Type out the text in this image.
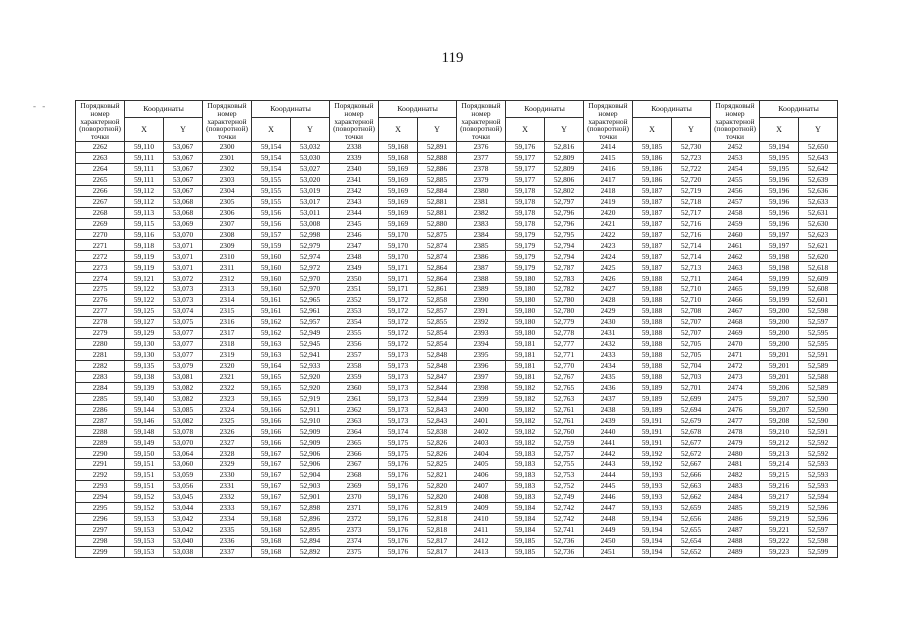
119
- -	Порядковый
номер
характерной
(поворотной)
точки	Координаты		Порядковый
номер
характерной
(поворотной)
точки	Координаты		Порядковый
номер
характерной
(поворотной)
точки	Координаты		Порядковый
номер
характерной
(поворотной)
точки	Координаты		Порядковый
номер
характерной
(поворотной)
точки	Координаты		Порядковый
номер
характерной
(поворотной)
точки	Координаты	
	X	Y		X	Y		X	Y		X	Y		X	Y		X	Y
2262	59,110	53,067	2300	59,154	53,032	2338	59,168	52,891	2376	59,176	52,816	2414	59,185	52,730	2452	59,194	52,650
2263	59,111	53,067	2301	59,154	53,030	2339	59,168	52,888	2377	59,177	52,809	2415	59,186	52,723	2453	59,195	52,643
2264	59,111	53,067	2302	59,154	53,027	2340	59,169	52,886	2378	59,177	52,809	2416	59,186	52,722	2454	59,195	52,642
2265	59,111	53,067	2303	59,155	53,020	2341	59,169	52,885	2379	59,177	52,806	2417	59,186	52,720	2455	59,196	52,639
2266	59,112	53,067	2304	59,155	53,019	2342	59,169	52,884	2380	59,178	52,802	2418	59,187	52,719	2456	59,196	52,636
2267	59,112	53,068	2305	59,155	53,017	2343	59,169	52,881	2381	59,178	52,797	2419	59,187	52,718	2457	59,196	52,633
2268	59,113	53,068	2306	59,156	53,011	2344	59,169	52,881	2382	59,178	52,796	2420	59,187	52,717	2458	59,196	52,631
2269	59,115	53,069	2307	59,156	53,008	2345	59,169	52,880	2383	59,178	52,796	2421	59,187	52,716	2459	59,196	52,630
2270	59,116	53,070	2308	59,157	52,998	2346	59,170	52,875	2384	59,179	52,795	2422	59,187	52,716	2460	59,197	52,623
2271	59,118	53,071	2309	59,159	52,979	2347	59,170	52,874	2385	59,179	52,794	2423	59,187	52,714	2461	59,197	52,621
2272	59,119	53,071	2310	59,160	52,974	2348	59,170	52,874	2386	59,179	52,794	2424	59,187	52,714	2462	59,198	52,620
2273	59,119	53,071	2311	59,160	52,972	2349	59,171	52,864	2387	59,179	52,787	2425	59,187	52,713	2463	59,198	52,618
2274	59,121	53,072	2312	59,160	52,970	2350	59,171	52,864	2388	59,180	52,783	2426	59,188	52,711	2464	59,199	52,609
2275	59,122	53,073	2313	59,160	52,970	2351	59,171	52,861	2389	59,180	52,782	2427	59,188	52,710	2465	59,199	52,608
2276	59,122	53,073	2314	59,161	52,965	2352	59,172	52,858	2390	59,180	52,780	2428	59,188	52,710	2466	59,199	52,601
2277	59,125	53,074	2315	59,161	52,961	2353	59,172	52,857	2391	59,180	52,780	2429	59,188	52,708	2467	59,200	52,598
2278	59,127	53,075	2316	59,162	52,957	2354	59,172	52,855	2392	59,180	52,779	2430	59,188	52,707	2468	59,200	52,597
2279	59,129	53,077	2317	59,162	52,949	2355	59,172	52,854	2393	59,180	52,778	2431	59,188	52,707	2469	59,200	52,595
2280	59,130	53,077	2318	59,163	52,945	2356	59,172	52,854	2394	59,181	52,777	2432	59,188	52,705	2470	59,200	52,595
2281	59,130	53,077	2319	59,163	52,941	2357	59,173	52,848	2395	59,181	52,771	2433	59,188	52,705	2471	59,201	52,591
2282	59,135	53,079	2320	59,164	52,933	2358	59,173	52,848	2396	59,181	52,770	2434	59,188	52,704	2472	59,201	52,589
2283	59,138	53,081	2321	59,165	52,920	2359	59,173	52,847	2397	59,181	52,767	2435	59,188	52,703	2473	59,201	52,588
2284	59,139	53,082	2322	59,165	52,920	2360	59,173	52,844	2398	59,182	52,765	2436	59,189	52,701	2474	59,206	52,589
2285	59,140	53,082	2323	59,165	52,919	2361	59,173	52,844	2399	59,182	52,763	2437	59,189	52,699	2475	59,207	52,590
2286	59,144	53,085	2324	59,166	52,911	2362	59,173	52,843	2400	59,182	52,761	2438	59,189	52,694	2476	59,207	52,590
2287	59,146	53,082	2325	59,166	52,910	2363	59,173	52,843	2401	59,182	52,761	2439	59,191	52,679	2477	59,208	52,590
2288	59,148	53,078	2326	59,166	52,909	2364	59,174	52,838	2402	59,182	52,760	2440	59,191	52,678	2478	59,210	52,591
2289	59,149	53,070	2327	59,166	52,909	2365	59,175	52,826	2403	59,182	52,759	2441	59,191	52,677	2479	59,212	52,592
2290	59,150	53,064	2328	59,167	52,906	2366	59,175	52,826	2404	59,183	52,757	2442	59,192	52,672	2480	59,213	52,592
2291	59,151	53,060	2329	59,167	52,906	2367	59,176	52,825	2405	59,183	52,755	2443	59,192	52,667	2481	59,214	52,593
2292	59,151	53,059	2330	59,167	52,904	2368	59,176	52,821	2406	59,183	52,753	2444	59,193	52,666	2482	59,215	52,593
2293	59,151	53,056	2331	59,167	52,903	2369	59,176	52,820	2407	59,183	52,752	2445	59,193	52,663	2483	59,216	52,593
2294	59,152	53,045	2332	59,167	52,901	2370	59,176	52,820	2408	59,183	52,749	2446	59,193	52,662	2484	59,217	52,594
2295	59,152	53,044	2333	59,167	52,898	2371	59,176	52,819	2409	59,184	52,742	2447	59,193	52,659	2485	59,219	52,596
2296	59,153	53,042	2334	59,168	52,896	2372	59,176	52,818	2410	59,184	52,742	2448	59,194	52,656	2486	59,219	52,596
2297	59,153	53,042	2335	59,168	52,895	2373	59,176	52,818	2411	59,184	52,741	2449	59,194	52,655	2487	59,221	52,597
2298	59,153	53,040	2336	59,168	52,894	2374	59,176	52,817	2412	59,185	52,736	2450	59,194	52,654	2488	59,222	52,598
2299	59,153	53,038	2337	59,168	52,892	2375	59,176	52,817	2413	59,185	52,736	2451	59,194	52,652	2489	59,223	52,599
